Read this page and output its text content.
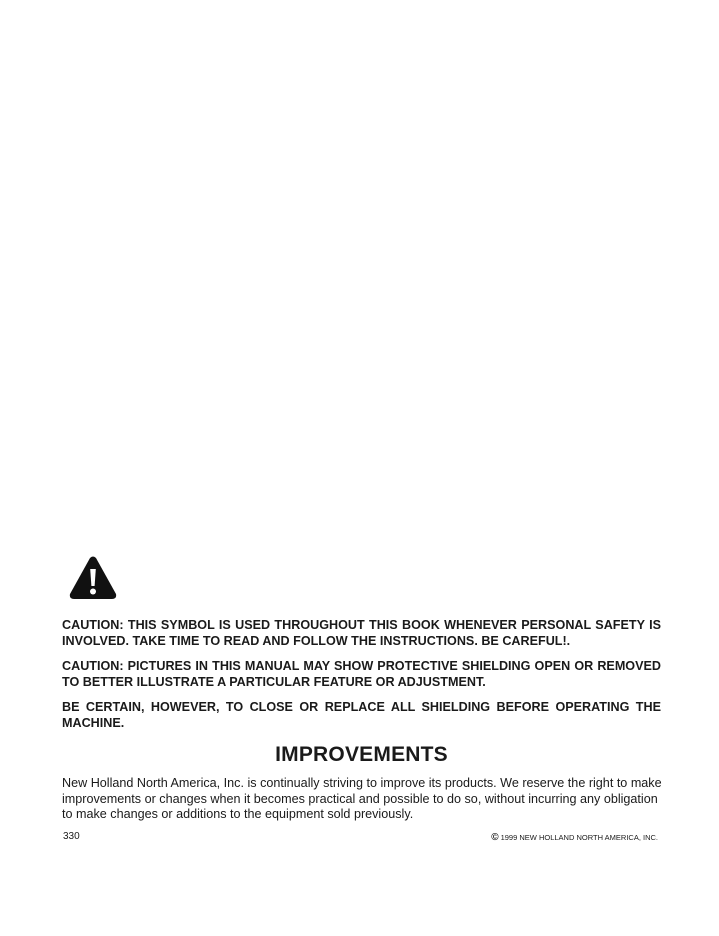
CAUTION: THIS SYMBOL IS USED THROUGHOUT THIS BOOK WHENEVER PERSONAL SAFETY IS INVOLVED. TAKE TIME TO READ AND FOLLOW THE INSTRUCTIONS. BE CAREFUL!.

CAUTION: PICTURES IN THIS MANUAL MAY SHOW PROTECTIVE SHIELDING OPEN OR REMOVED TO BETTER ILLUSTRATE A PARTICULAR FEATURE OR ADJUSTMENT.

BE CERTAIN, HOWEVER, TO CLOSE OR REPLACE ALL SHIELDING BEFORE OPERATING THE MACHINE.

IMPROVEMENTS

New Holland North America, Inc. is continually striving to improve its products. We reserve the right to make improvements or changes when it becomes practical and possible to do so, without incurring any obligation to make changes or additions to the equipment sold previously.

330	© 1999 NEW HOLLAND NORTH AMERICA, INC.
